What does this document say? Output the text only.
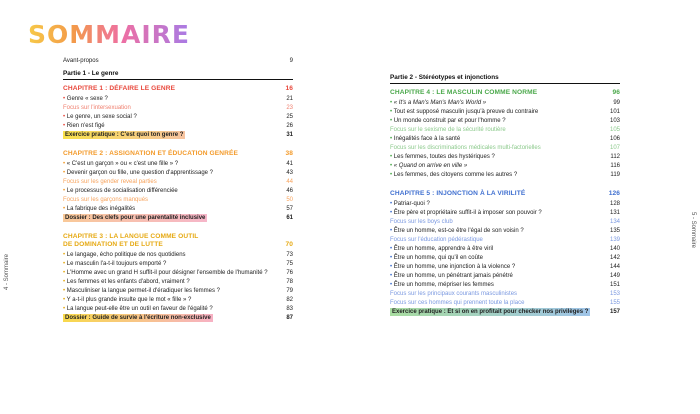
SOMMAIRE
4 - Sommaire
5 - Sommaire
Avant-propos	9
Partie 1 - Le genre
CHAPITRE 1 : DÉFAIRE LE GENRE	16
• Genre « sexe ?	21
Focus sur l'intersexuation	23
• Le genre, un sexe social ?	25
• Rien n'est figé	26
Exercice pratique : C'est quoi ton genre ?	31
CHAPITRE 2 : ASSIGNATION ET ÉDUCATION GENRÉE	38
• « C'est un garçon » ou « c'est une fille » ?	41
• Devenir garçon ou fille, une question d'apprentissage ?	43
Focus sur les gender reveal parties	44
• Le processus de socialisation différenciée	46
Focus sur les garçons manqués	50
• La fabrique des inégalités	57
Dossier : Des clefs pour une parentalité inclusive	61
CHAPITRE 3 : LA LANGUE COMME OUTIL
DE DOMINATION ET DE LUTTE	70
• Le langage, écho politique de nos quotidiens	73
• Le masculin l'a-t-il toujours emporté ?	75
• L'Homme avec un grand H suffit-il pour désigner l'ensemble de l'humanité ?	76
• Les femmes et les enfants d'abord, vraiment ?	78
• Masculiniser la langue permet-il d'éradiquer les femmes ?	79
• Y a-t-il plus grande insulte que le mot « fille » ?	82
• La langue peut-elle être un outil en faveur de l'égalité ?	83
Dossier : Guide de survie à l'écriture non-exclusive	87
Partie 2 - Stéréotypes et injonctions
CHAPITRE 4 : LE MASCULIN COMME NORME	96
• « It's a Man's Man's Man's World »	99
• Tout est supposé masculin jusqu'à preuve du contraire	101
• Un monde construit par et pour l'homme ?	103
Focus sur le sexisme de la sécurité routière	105
• Inégalités face à la santé	106
Focus sur les discriminations médicales multi-factorielles	107
• Les femmes, toutes des hystériques ?	112
• « Quand on arrive en ville »	116
• Les femmes, des citoyens comme les autres ?	119
CHAPITRE 5 : INJONCTION À LA VIRILITÉ	126
• Patriar-quoi ?	128
• Être père et propriétaire suffit-il à imposer son pouvoir ?	131
Focus sur les boys club	134
• Être un homme, est-ce être l'égal de son voisin ?	135
Focus sur l'éducation pédérastique	139
• Être un homme, apprendre à être viril	140
• Être un homme, qui qu'il en coûte	142
• Être un homme, une injonction à la violence ?	144
• Être un homme, un pénétrant jamais pénétré	149
• Être un homme, mépriser les femmes	151
Focus sur les principaux courants masculinistes	153
Focus sur ces hommes qui prennent toute la place	155
Exercice pratique : Et si on en profitait pour checker nos privilèges ?	157
